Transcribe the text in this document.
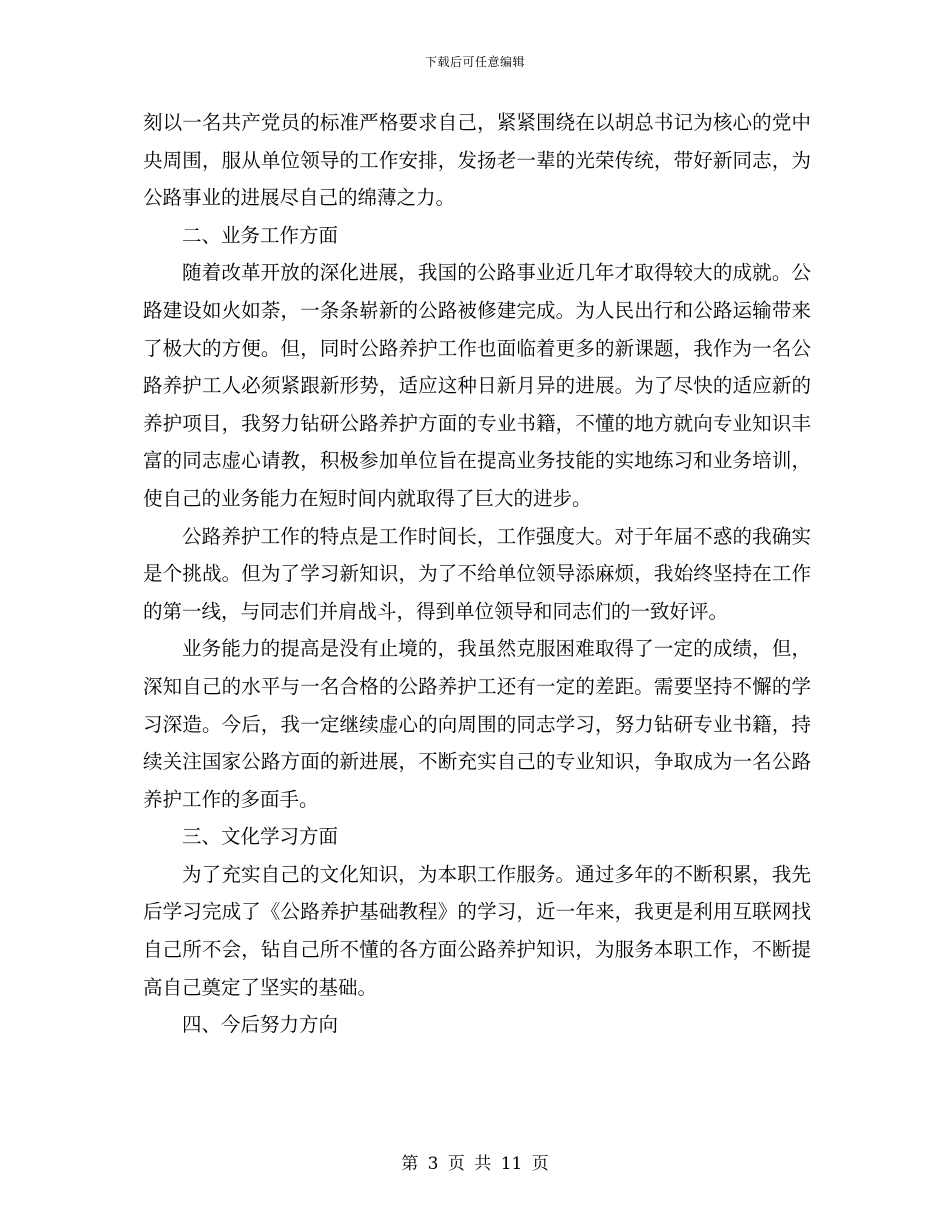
下载后可任意编辑

刻以一名共产党员的标准严格要求自己，紧紧围绕在以胡总书记为核心的党中央周围，服从单位领导的工作安排，发扬老一辈的光荣传统，带好新同志，为公路事业的进展尽自己的绵薄之力。

二、业务工作方面

随着改革开放的深化进展，我国的公路事业近几年才取得较大的成就。公路建设如火如荼，一条条崭新的公路被修建完成。为人民出行和公路运输带来了极大的方便。但，同时公路养护工作也面临着更多的新课题，我作为一名公路养护工人必须紧跟新形势，适应这种日新月异的进展。为了尽快的适应新的养护项目，我努力钻研公路养护方面的专业书籍，不懂的地方就向专业知识丰富的同志虚心请教，积极参加单位旨在提高业务技能的实地练习和业务培训，使自己的业务能力在短时间内就取得了巨大的进步。

公路养护工作的特点是工作时间长，工作强度大。对于年届不惑的我确实是个挑战。但为了学习新知识，为了不给单位领导添麻烦，我始终坚持在工作的第一线，与同志们并肩战斗，得到单位领导和同志们的一致好评。

业务能力的提高是没有止境的，我虽然克服困难取得了一定的成绩，但，深知自己的水平与一名合格的公路养护工还有一定的差距。需要坚持不懈的学习深造。今后，我一定继续虚心的向周围的同志学习，努力钻研专业书籍，持续关注国家公路方面的新进展，不断充实自己的专业知识，争取成为一名公路养护工作的多面手。

三、文化学习方面

为了充实自己的文化知识，为本职工作服务。通过多年的不断积累，我先后学习完成了《公路养护基础教程》的学习，近一年来，我更是利用互联网找自己所不会，钻自己所不懂的各方面公路养护知识，为服务本职工作，不断提高自己奠定了坚实的基础。

四、今后努力方向

第 3 页 共 11 页
